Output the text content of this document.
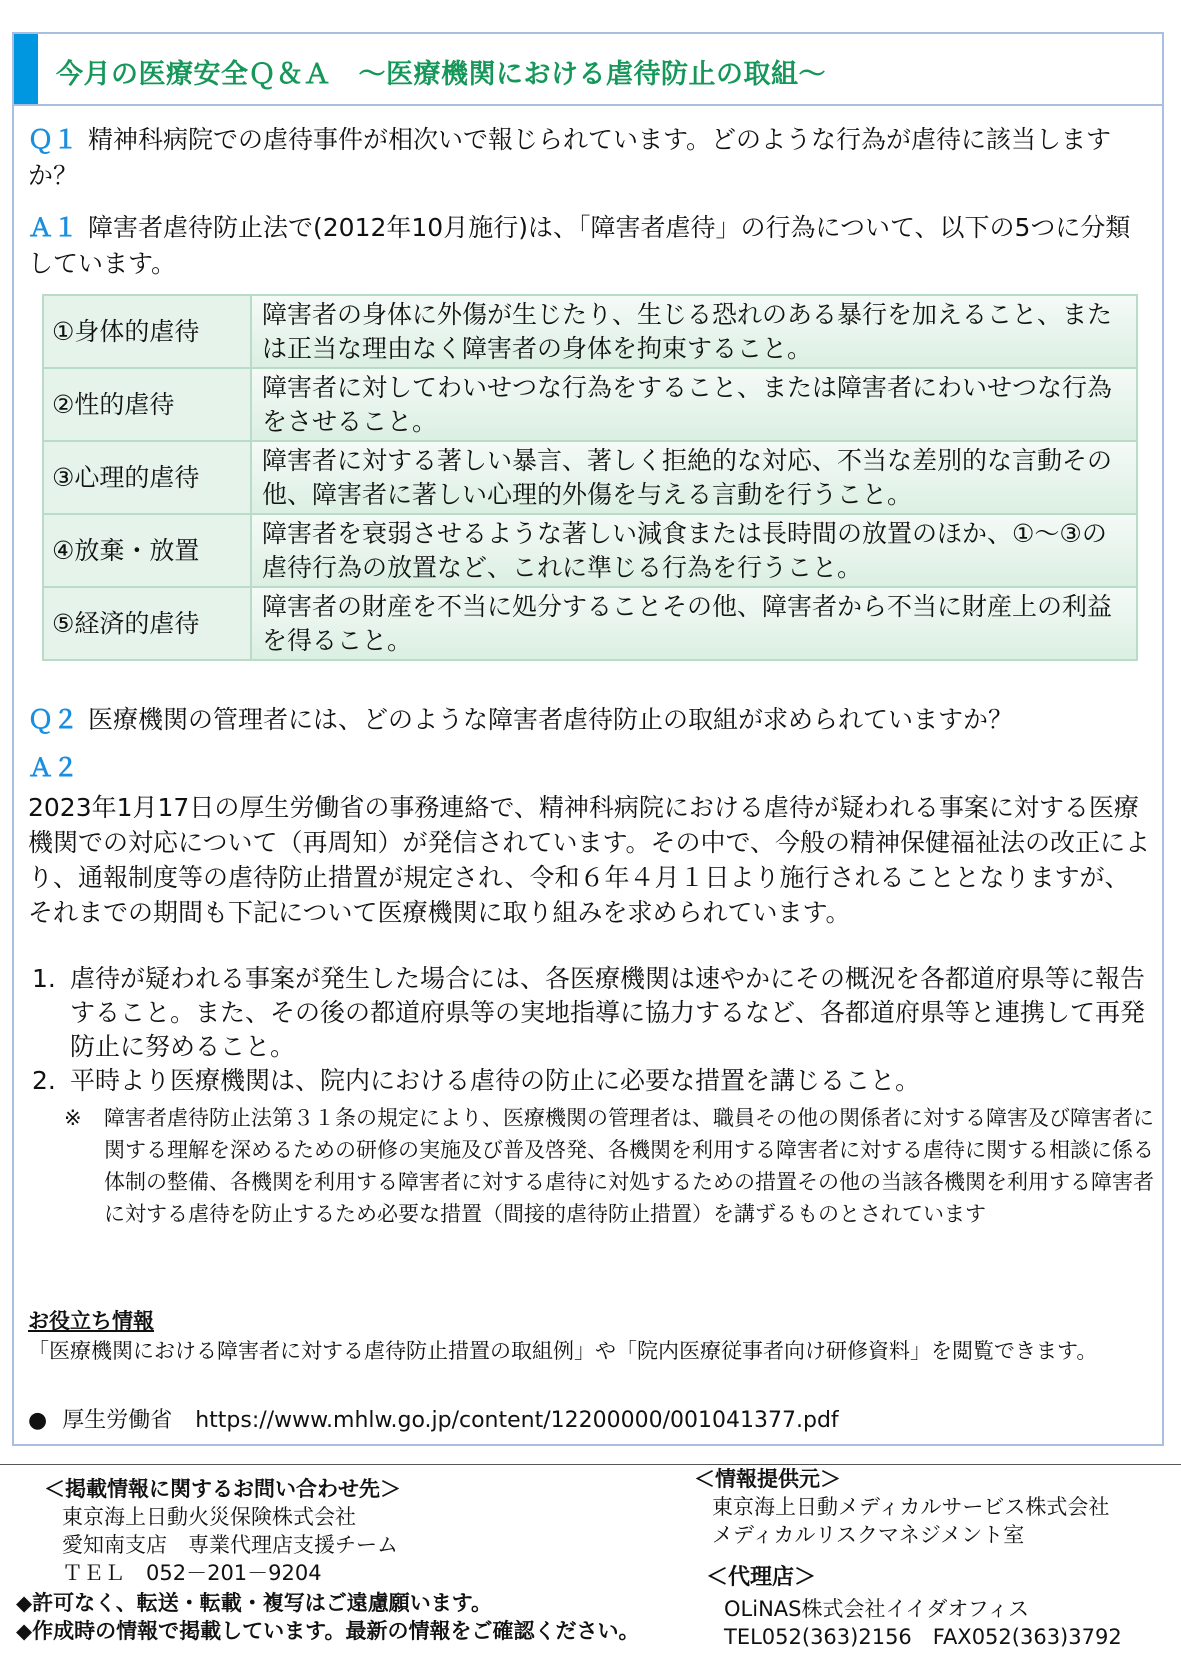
今月の医療安全Ｑ＆Ａ　～医療機関における虐待防止の取組～
Ｑ１ 精神科病院での虐待事件が相次いで報じられています。どのような行為が虐待に該当しますか？
Ａ１ 障害者虐待防止法で(2012年10月施行)は、「障害者虐待」の行為について、以下の5つに分類しています。
①身体的虐待	障害者の身体に外傷が生じたり、生じる恐れのある暴行を加えること、または正当な理由なく障害者の身体を拘束すること。
②性的虐待	障害者に対してわいせつな行為をすること、または障害者にわいせつな行為をさせること。
③心理的虐待	障害者に対する著しい暴言、著しく拒絶的な対応、不当な差別的な言動その他、障害者に著しい心理的外傷を与える言動を行うこと。
④放棄・放置	障害者を衰弱させるような著しい減食または長時間の放置のほか、①～③の虐待行為の放置など、これに準じる行為を行うこと。
⑤経済的虐待	障害者の財産を不当に処分することその他、障害者から不当に財産上の利益を得ること。
Ｑ２ 医療機関の管理者には、どのような障害者虐待防止の取組が求められていますか？
Ａ２
2023年1月17日の厚生労働省の事務連絡で、精神科病院における虐待が疑われる事案に対する医療機関での対応について（再周知）が発信されています。その中で、今般の精神保健福祉法の改正により、通報制度等の虐待防止措置が規定され、令和６年４月１日より施行されることとなりますが、それまでの期間も下記について医療機関に取り組みを求められています。
1. 虐待が疑われる事案が発生した場合には、各医療機関は速やかにその概況を各都道府県等に報告すること。また、その後の都道府県等の実地指導に協力するなど、各都道府県等と連携して再発防止に努めること。
2. 平時より医療機関は、院内における虐待の防止に必要な措置を講じること。
※	障害者虐待防止法第３１条の規定により、医療機関の管理者は、職員その他の関係者に対する障害及び障害者に関する理解を深めるための研修の実施及び普及啓発、各機関を利用する障害者に対する虐待に関する相談に係る体制の整備、各機関を利用する障害者に対する虐待に対処するための措置その他の当該各機関を利用する障害者に対する虐待を防止するため必要な措置（間接的虐待防止措置）を講ずるものとされています
お役立ち情報
「医療機関における障害者に対する虐待防止措置の取組例」や「院内医療従事者向け研修資料」を閲覧できます。
● 厚生労働省 https://www.mhlw.go.jp/content/12200000/001041377.pdf
＜掲載情報に関するお問い合わせ先＞
東京海上日動火災保険株式会社
愛知南支店　専業代理店支援チーム
ＴＥＬ　052－201－9204
◆許可なく、転送・転載・複写はご遠慮願います。
◆作成時の情報で掲載しています。最新の情報をご確認ください。
＜情報提供元＞
東京海上日動メディカルサービス株式会社
メディカルリスクマネジメント室
＜代理店＞
OLiNAS株式会社イイダオフィス
TEL052(363)2156　FAX052(363)3792
